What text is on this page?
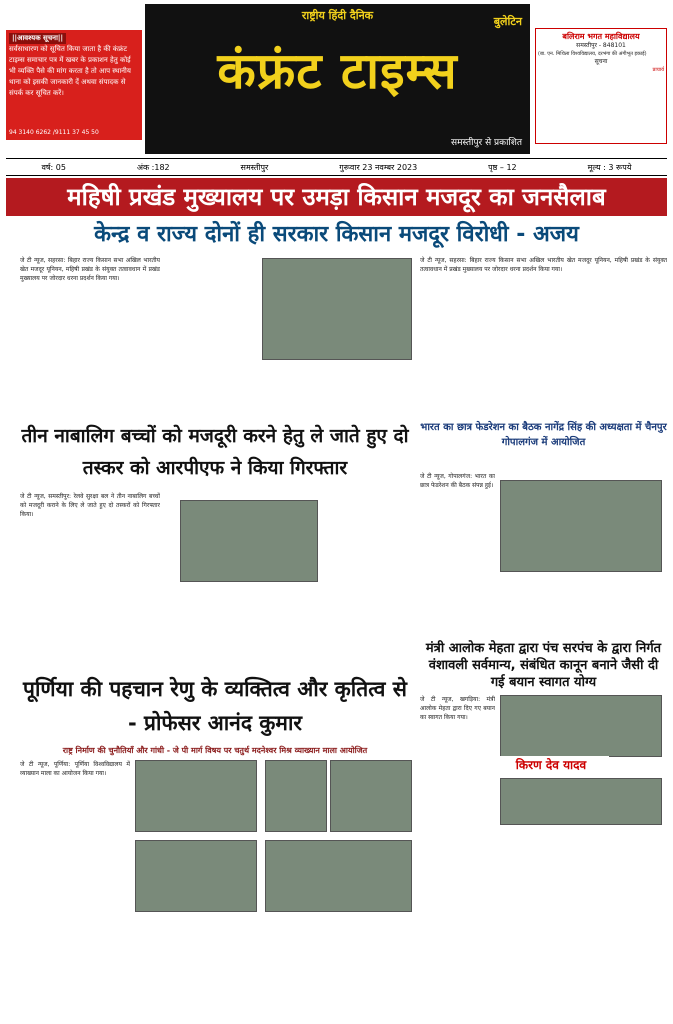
||आवश्यक सूचना||
सर्वसाधारण को सूचित किया जाता है की कंफ्रंट टाइम्स समाचार पत्र में खबर के प्रकाशन हेतु कोई भी व्यक्ति पैसे की मांग करता है तो आप स्थानीय थाना को इसकी जानकारी दें अथवा संपादक से संपर्क कर सूचित करें।
94 3140 6262 /9111 37 45 50
राष्ट्रीय हिंदी दैनिक	बुलेटिन
कंफ्रंट टाइम्स
समस्तीपुर से प्रकाशित
बलिराम भगत महाविद्यालय
समस्तीपुर - 848101
(बा. एन. मिथिला विश्वविद्यालय, दरभंगा की अंगीभूत इकाई)
सूचना
प्राचार्य
वर्ष: 05	अंक :182	समस्तीपुर	गुरूवार 23 नवम्बर 2023	पृष्ठ – 12	मूल्य : 3 रूपये
महिषी प्रखंड मुख्यालय पर उमड़ा किसान मजदूर का जनसैलाब
केन्द्र व राज्य दोनों ही सरकार किसान मजदूर विरोधी - अजय
जे टी न्यूज, सहरसा: बिहार राज्य किसान सभा अखिल भारतीय खेत मजदूर यूनियन, महिषी प्रखंड के संयुक्त तत्वावधान में प्रखंड मुख्यालय पर जोरदार धरना प्रदर्शन किया गया।
जे टी न्यूज, सहरसा: बिहार राज्य किसान सभा अखिल भारतीय खेत मजदूर यूनियन, महिषी प्रखंड के संयुक्त तत्वावधान में प्रखंड मुख्यालय पर जोरदार धरना प्रदर्शन किया गया।
तीन नाबालिग बच्चों को मजदूरी करने हेतु ले जाते हुए दो तस्कर को आरपीएफ ने किया गिरफ्तार
जे टी न्यूज, समस्तीपुर: रेलवे सुरक्षा बल ने तीन नाबालिग बच्चों को मजदूरी कराने के लिए ले जाते हुए दो तस्करों को गिरफ्तार किया।
भारत का छात्र फेडरेशन का बैठक नागेंद्र सिंह की अध्यक्षता में चैनपुर गोपालगंज में आयोजित
जे टी न्यूज, गोपालगंज: भारत का छात्र फेडरेशन की बैठक संपन्न हुई।
पूर्णिया की पहचान रेणु के व्यक्तित्व और कृतित्व से - प्रोफेसर आनंद कुमार
राष्ट्र निर्माण की चुनौतियाँ और गांधी - जे पी मार्ग विषय पर चतुर्थ मदनेश्वर मिश्र व्याख्यान माला आयोजित
जे टी न्यूज, पूर्णिया: पूर्णिया विश्वविद्यालय में व्याख्यान माला का आयोजन किया गया।
मंत्री आलोक मेहता द्वारा पंच सरपंच के द्वारा निर्गत वंशावली सर्वमान्य, संबंधित कानून बनाने जैसी दी गई बयान स्वागत योग्य
जे टी न्यूज, खगड़िया: मंत्री आलोक मेहता द्वारा दिए गए बयान का स्वागत किया गया।
किरण देव यादव
